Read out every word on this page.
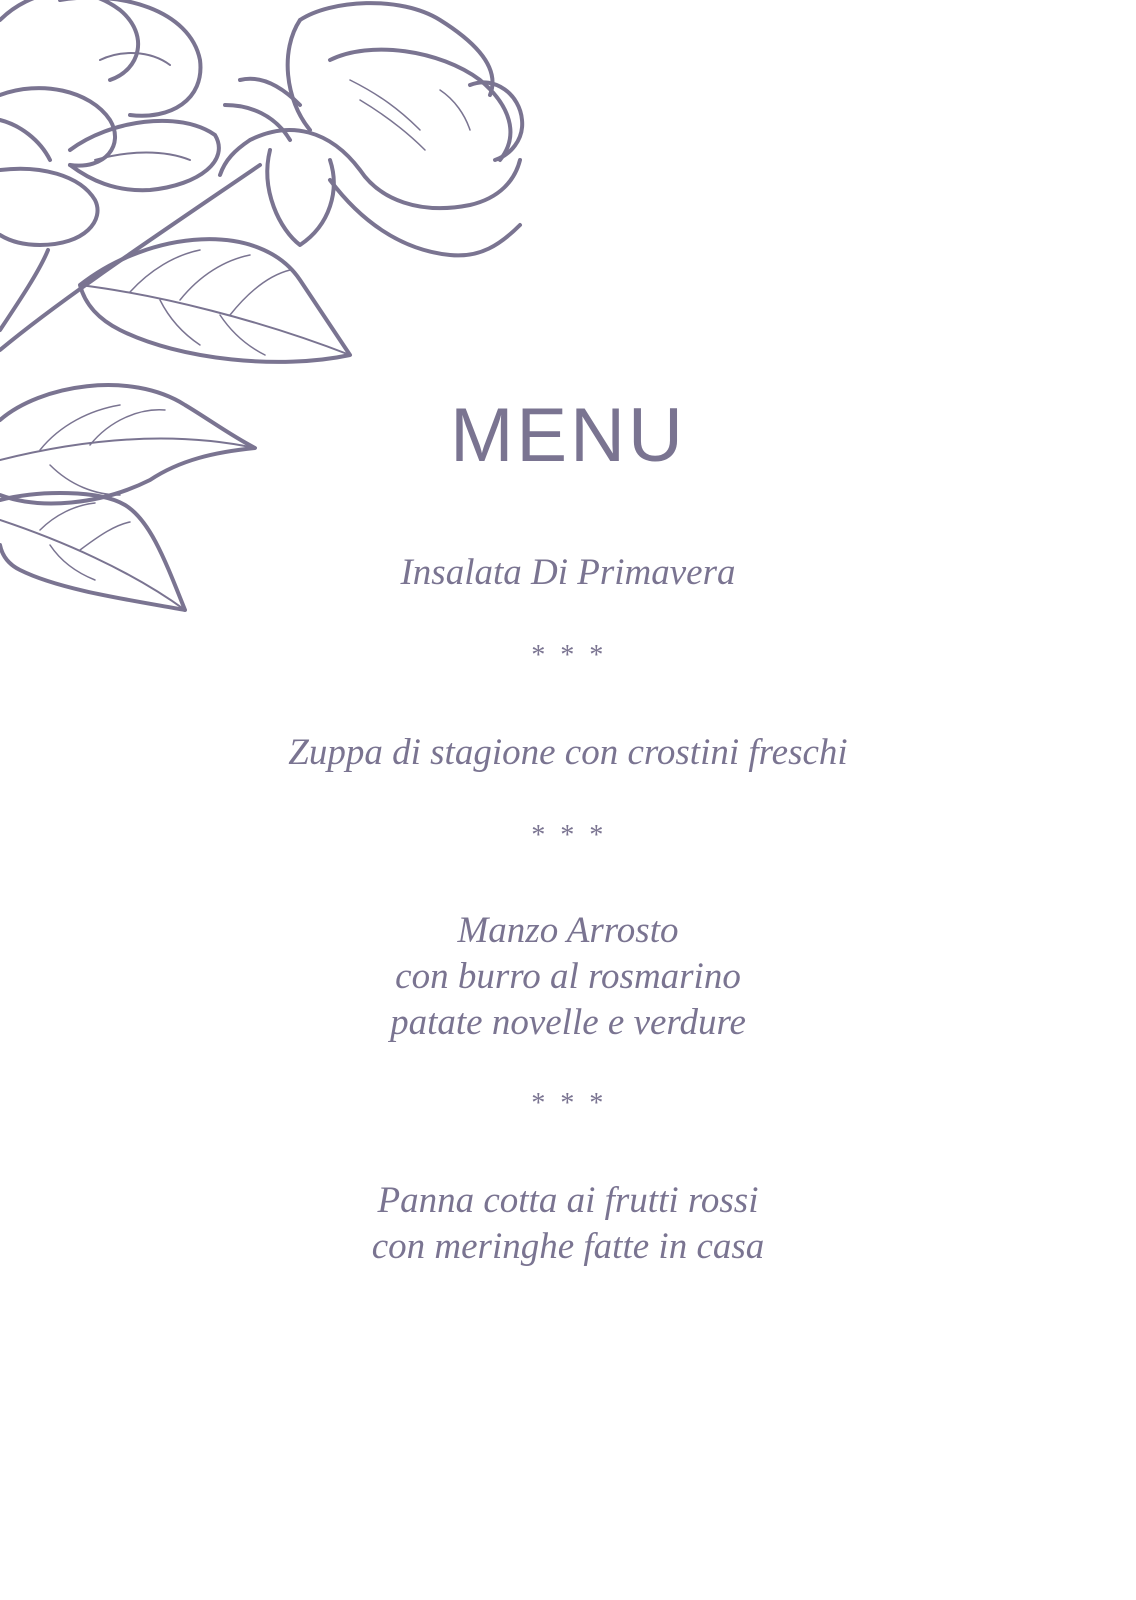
MENU
Insalata Di Primavera
* * *
Zuppa di stagione con crostini freschi
* * *
Manzo Arrosto
con burro al rosmarino
patate novelle e verdure
* * *
Panna cotta ai frutti rossi
con meringhe fatte in casa
